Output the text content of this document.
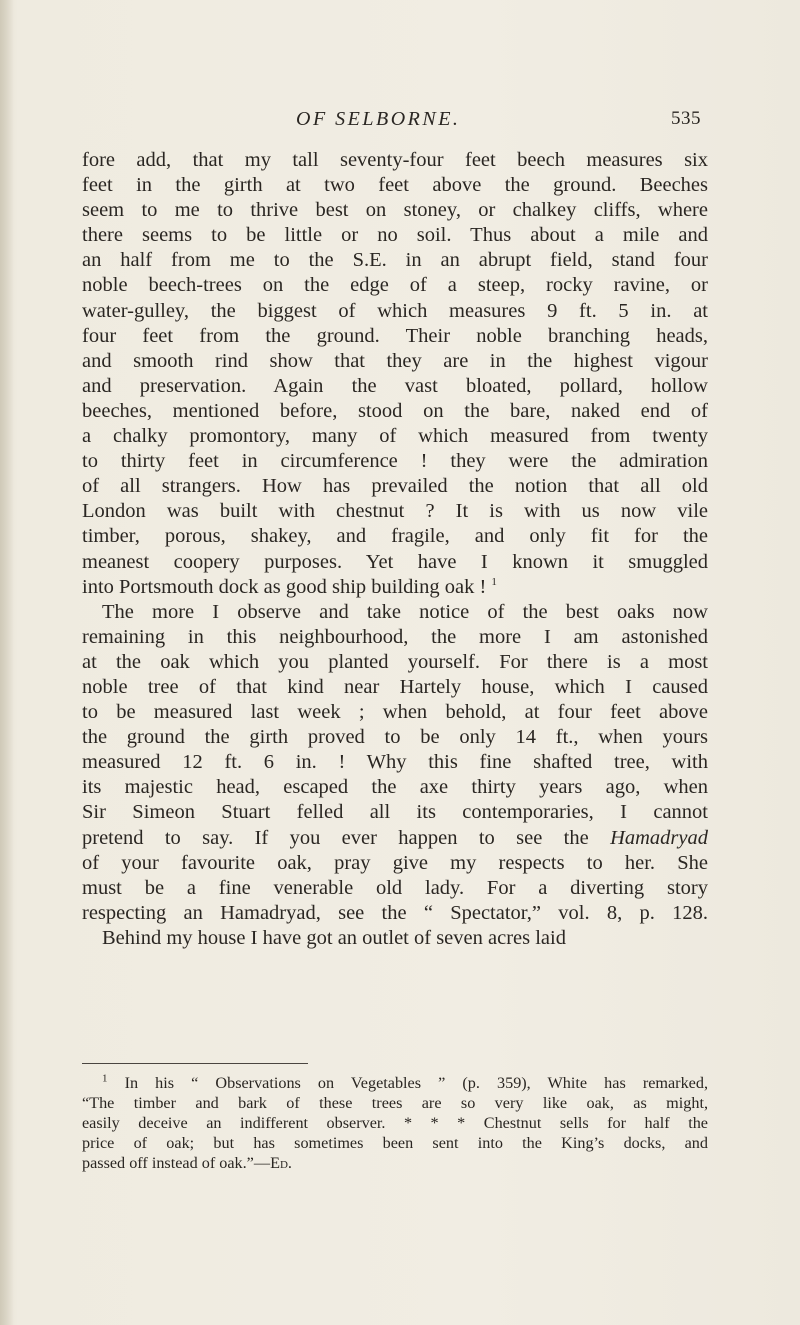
OF SELBORNE.	535
fore add, that my tall seventy-four feet beech measures six
feet in the girth at two feet above the ground. Beeches
seem to me to thrive best on stoney, or chalkey cliffs, where
there seems to be little or no soil. Thus about a mile and
an half from me to the S.E. in an abrupt field, stand four
noble beech-trees on the edge of a steep, rocky ravine, or
water-gulley, the biggest of which measures 9 ft. 5 in. at
four feet from the ground. Their noble branching heads,
and smooth rind show that they are in the highest vigour
and preservation. Again the vast bloated, pollard, hollow
beeches, mentioned before, stood on the bare, naked end of
a chalky promontory, many of which measured from twenty
to thirty feet in circumference ! they were the admiration
of all strangers. How has prevailed the notion that all old
London was built with chestnut ? It is with us now vile
timber, porous, shakey, and fragile, and only fit for the
meanest coopery purposes. Yet have I known it smuggled
into Portsmouth dock as good ship building oak ! $^1$
The more I observe and take notice of the best oaks now
remaining in this neighbourhood, the more I am astonished
at the oak which you planted yourself. For there is a most
noble tree of that kind near Hartely house, which I caused
to be measured last week ; when behold, at four feet above
the ground the girth proved to be only 14 ft., when yours
measured 12 ft. 6 in. ! Why this fine shafted tree, with
its majestic head, escaped the axe thirty years ago, when
Sir Simeon Stuart felled all its contemporaries, I cannot
pretend to say. If you ever happen to see the Hamadryad
of your favourite oak, pray give my respects to her. She
must be a fine venerable old lady. For a diverting story
respecting an Hamadryad, see the “ Spectator,” vol. 8, p. 128.
Behind my house I have got an outlet of seven acres laid
$^1$ In his “ Observations on Vegetables ” (p. 359), White has remarked,
“The timber and bark of these trees are so very like oak, as might,
easily deceive an indifferent observer. * * * Chestnut sells for half the
price of oak; but has sometimes been sent into the King’s docks, and
passed off instead of oak.”—Ed.
